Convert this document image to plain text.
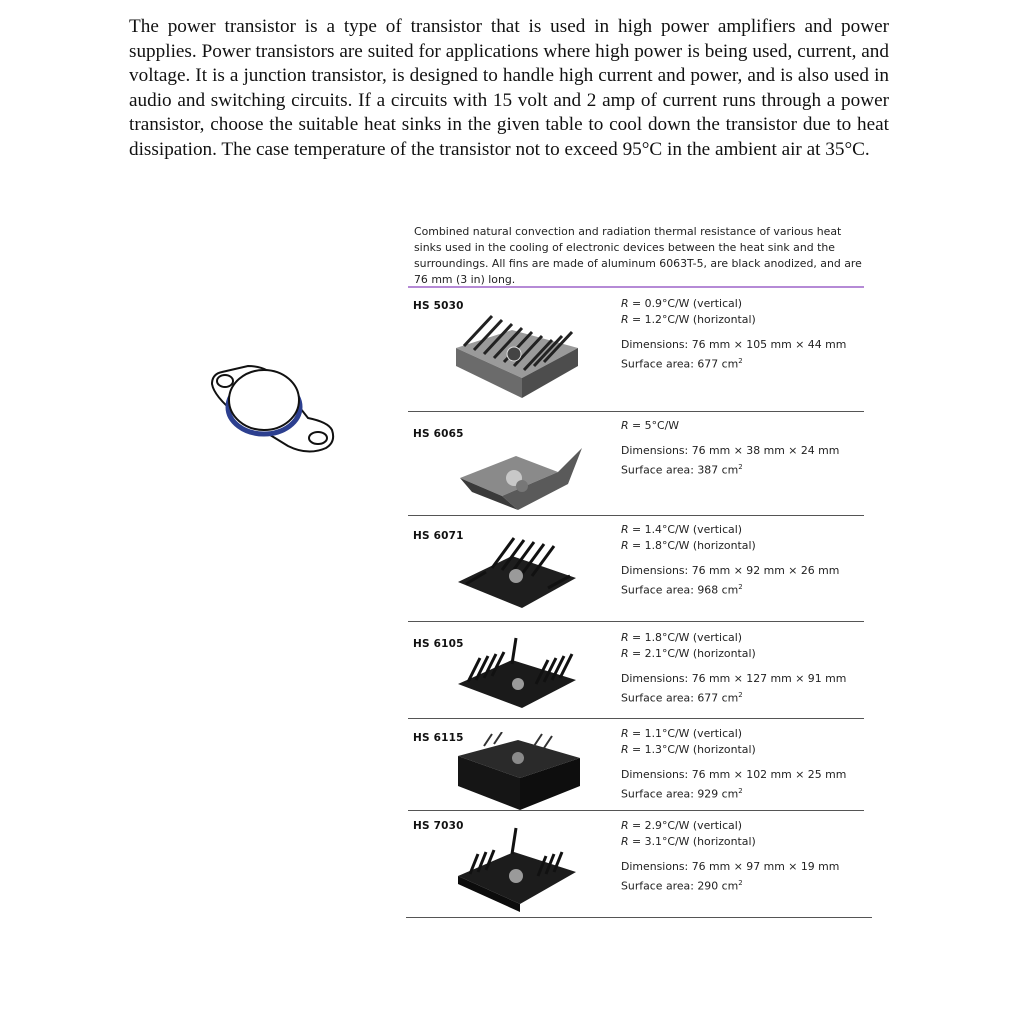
The power transistor is a type of transistor that is used in high power amplifiers and power supplies. Power transistors are suited for applications where high power is being used, current, and voltage. It is a junction transistor, is designed to handle high current and power, and is also used in audio and switching circuits. If a circuits with 15 volt and 2 amp of current runs through a power transistor, choose the suitable heat sinks in the given table to cool down the transistor due to heat dissipation. The case temperature of the transistor not to exceed 95°C in the ambient air at 35°C.

Combined natural convection and radiation thermal resistance of various heat sinks used in the cooling of electronic devices between the heat sink and the surroundings. All fins are made of aluminum 6063T-5, are black anodized, and are 76 mm (3 in) long.
HS 5030	R = 0.9°C/W (vertical)
R = 1.2°C/W (horizontal)
Dimensions: 76 mm × 105 mm × 44 mm
Surface area: 677 $cm^2$
HS 6065
R = 5°C/W
Dimensions: 76 mm × 38 mm × 24 mm
Surface area: 387 $cm^2$
HS 6071	R = 1.4°C/W (vertical)
R = 1.8°C/W (horizontal)
Dimensions: 76 mm × 92 mm × 26 mm
Surface area: 968 $cm^2$
HS 6105	R = 1.8°C/W (vertical)
R = 2.1°C/W (horizontal)
Dimensions: 76 mm × 127 mm × 91 mm
Surface area: 677 $cm^2$
HS 6115	R = 1.1°C/W (vertical)
R = 1.3°C/W (horizontal)
Dimensions: 76 mm × 102 mm × 25 mm
Surface area: 929 $cm^2$
HS 7030	R = 2.9°C/W (vertical)
R = 3.1°C/W (horizontal)
Dimensions: 76 mm × 97 mm × 19 mm
Surface area: 290 $cm^2$
